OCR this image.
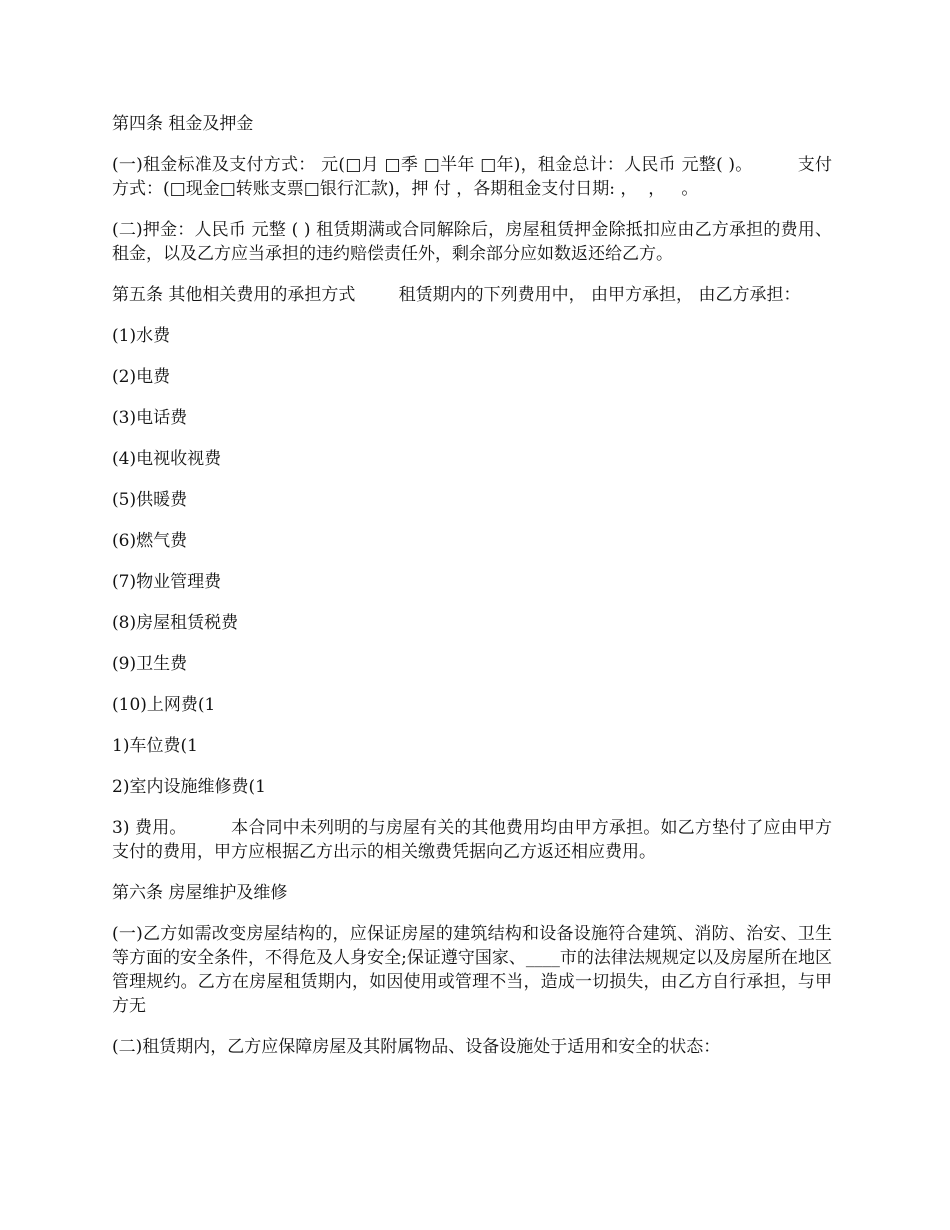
第四条 租金及押金

(一)租金标准及支付方式： 元(□月 □季 □半年 □年)，租金总计：人民币 元整( )。        支付方式：(□现金□转账支票□银行汇款)，押 付 ，各期租金支付日期: ，  ，   。

(二)押金：人民币 元整 ( ) 租赁期满或合同解除后，房屋租赁押金除抵扣应由乙方承担的费用、租金，以及乙方应当承担的违约赔偿责任外，剩余部分应如数返还给乙方。

第五条 其他相关费用的承担方式        租赁期内的下列费用中， 由甲方承担， 由乙方承担：

(1)水费

(2)电费

(3)电话费

(4)电视收视费

(5)供暖费

(6)燃气费

(7)物业管理费

(8)房屋租赁税费

(9)卫生费

(10)上网费(1

1)车位费(1

2)室内设施维修费(1

3) 费用。        本合同中未列明的与房屋有关的其他费用均由甲方承担。如乙方垫付了应由甲方支付的费用，甲方应根据乙方出示的相关缴费凭据向乙方返还相应费用。

第六条 房屋维护及维修

(一)乙方如需改变房屋结构的，应保证房屋的建筑结构和设备设施符合建筑、消防、治安、卫生等方面的安全条件，不得危及人身安全;保证遵守国家、____市的法律法规规定以及房屋所在地区管理规约。乙方在房屋租赁期内，如因使用或管理不当，造成一切损失，由乙方自行承担，与甲方无

(二)租赁期内，乙方应保障房屋及其附属物品、设备设施处于适用和安全的状态：
